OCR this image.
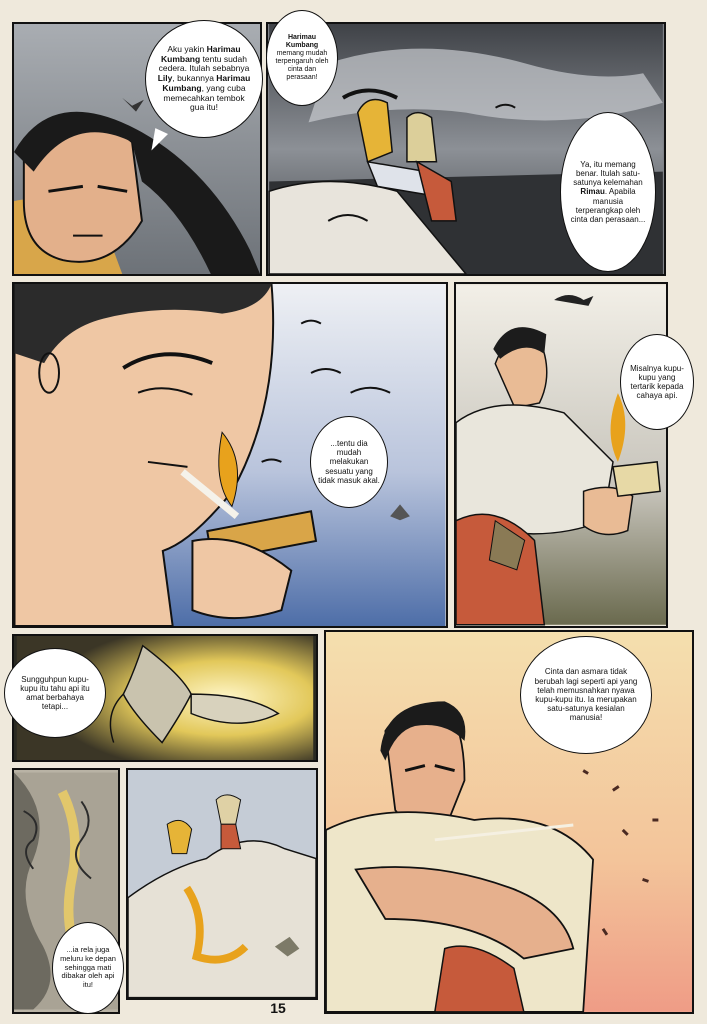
Aku yakin Harimau Kumbang tentu sudah cedera. Itulah sebabnya Lily, bukannya Harimau Kumbang, yang cuba memecahkan tembok gua itu!
Harimau Kumbang memang mudah terpengaruh oleh cinta dan perasaan!
Ya, itu memang benar. Itulah satu-satunya kelemahan Rimau. Apabila manusia terperangkap oleh cinta dan perasaan...
...tentu dia mudah melakukan sesuatu yang tidak masuk akal.
Misalnya kupu-kupu yang tertarik kepada cahaya api.
Sungguhpun kupu-kupu itu tahu api itu amat berbahaya tetapi...
Cinta dan asmara tidak berubah lagi seperti api yang telah memusnahkan nyawa kupu-kupu itu. Ia merupakan satu-satunya kesialan manusia!
...ia rela juga meluru ke depan sehingga mati dibakar oleh api itu!
15
